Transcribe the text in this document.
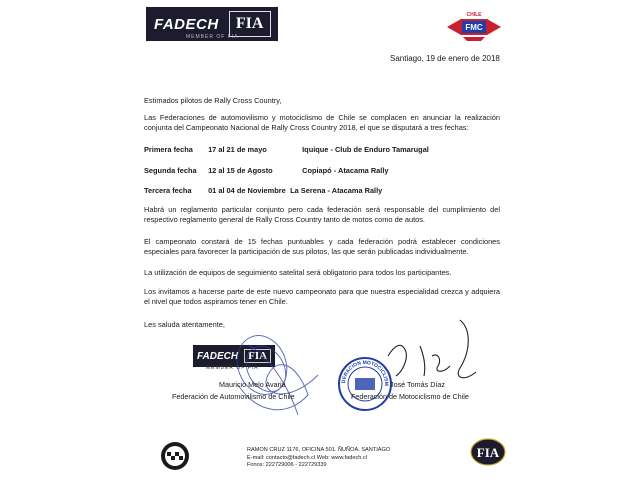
FADECH	FIA
MEMBER OF FIA
FMC
CHILE
Santiago, 19 de enero de 2018
Estimados pilotos de Rally Cross Country,
Las Federaciones de automovilismo y motociclismo de Chile se complacen en anunciar la realización conjunta del Campeonato Nacional de Rally Cross Country 2018, el que se disputará a tres fechas:
Primera fecha 17 al 21 de mayo	Iquique - Club de Enduro Tamarugal
Segunda fecha 12 al 15 de Agosto	Copiapó - Atacama Rally
Tercera fecha 01 al 04 de Noviembre La Serena - Atacama Rally
Habrá un reglamento particular conjunto pero cada federación será responsable del cumplimiento del respectivo reglamento general de Rally Cross Country tanto de motos como de autos.
El campeonato constará de 15 fechas puntuables y cada federación podrá establecer condiciones especiales para favorecer la participación de sus pilotos, las que serán publicadas individualmente.
La utilización de equipos de seguimiento satelital será obligatorio para todos los participantes.
Los invitamos a hacerse parte de este nuevo campeonato para que nuestra especialidad crezca y adquiera el nivel que todos aspiramos tener en Chile.
Les saluda atentamente,
FADECH FIA
MEMBER OF FIA
Mauricio Melo Avaria
Federación de Automovilismo de Chile
DERACION MOTOCICLISM José Tomás Díaz
Federación de Motociclismo de Chile
RAMON CRUZ 1176, OFICINA 501. ÑUÑOA. SANTIAGO
E-mail: contacto@fadech.cl Web: www.fadech.cl
Fonos: 222729006 - 222729339
FIA
